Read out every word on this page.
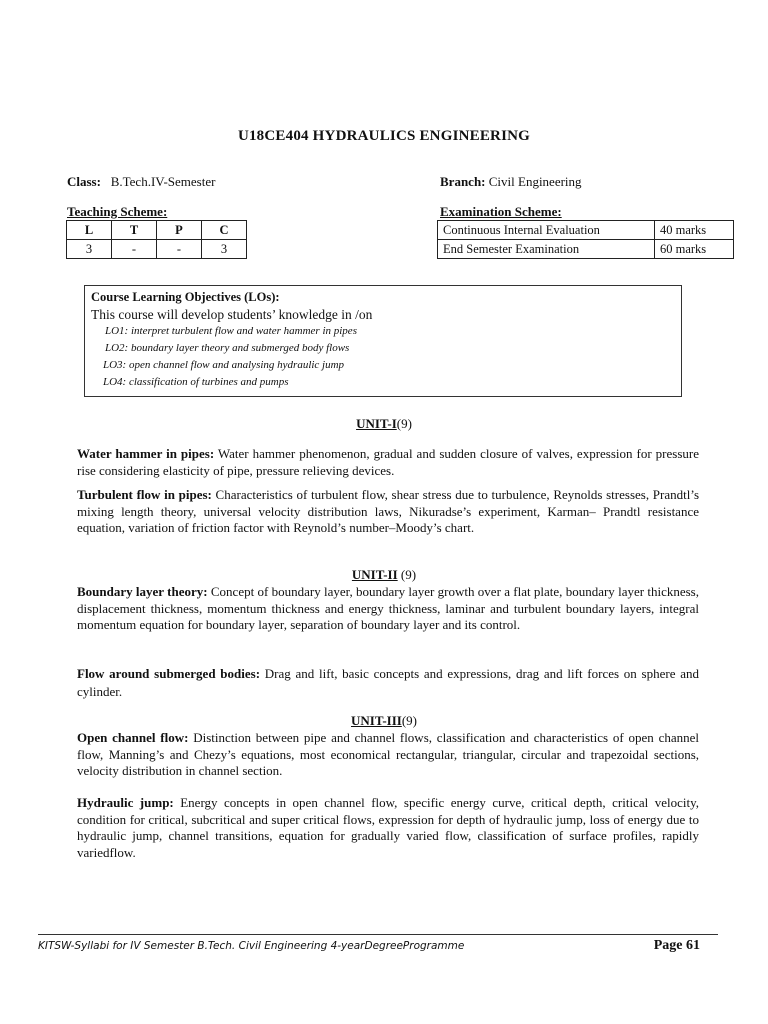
U18CE404 HYDRAULICS ENGINEERING
Class: B.Tech.IV-Semester	Branch: Civil Engineering
Teaching Scheme:	Examination Scheme:
L	T	P	C
3	-	-	3
Continuous Internal Evaluation	40 marks
End Semester Examination	60 marks
Course Learning Objectives (LOs):
This course will develop students’ knowledge in /on
LO1: interpret turbulent flow and water hammer in pipes
LO2: boundary layer theory and submerged body flows
LO3: open channel flow and analysing hydraulic jump
LO4: classification of turbines and pumps
UNIT-I(9)
Water hammer in pipes: Water hammer phenomenon, gradual and sudden closure of valves, expression for pressure rise considering elasticity of pipe, pressure relieving devices.
Turbulent flow in pipes: Characteristics of turbulent flow, shear stress due to turbulence, Reynolds stresses, Prandtl’s mixing length theory, universal velocity distribution laws, Nikuradse’s experiment, Karman– Prandtl resistance equation, variation of friction factor with Reynold’s number–Moody’s chart.
UNIT-II (9)
Boundary layer theory: Concept of boundary layer, boundary layer growth over a flat plate, boundary layer thickness, displacement thickness, momentum thickness and energy thickness, laminar and turbulent boundary layers, integral momentum equation for boundary layer, separation of boundary layer and its control.
Flow around submerged bodies: Drag and lift, basic concepts and expressions, drag and lift forces on sphere and cylinder.
UNIT-III(9)
Open channel flow: Distinction between pipe and channel flows, classification and characteristics of open channel flow, Manning’s and Chezy’s equations, most economical rectangular, triangular, circular and trapezoidal sections, velocity distribution in channel section.
Hydraulic jump: Energy concepts in open channel flow, specific energy curve, critical depth, critical velocity, condition for critical, subcritical and super critical flows, expression for depth of hydraulic jump, loss of energy due to hydraulic jump, channel transitions, equation for gradually varied flow, classification of surface profiles, rapidly variedflow.
KITSW-Syllabi for IV Semester B.Tech. Civil Engineering 4-yearDegreeProgramme	Page 61
